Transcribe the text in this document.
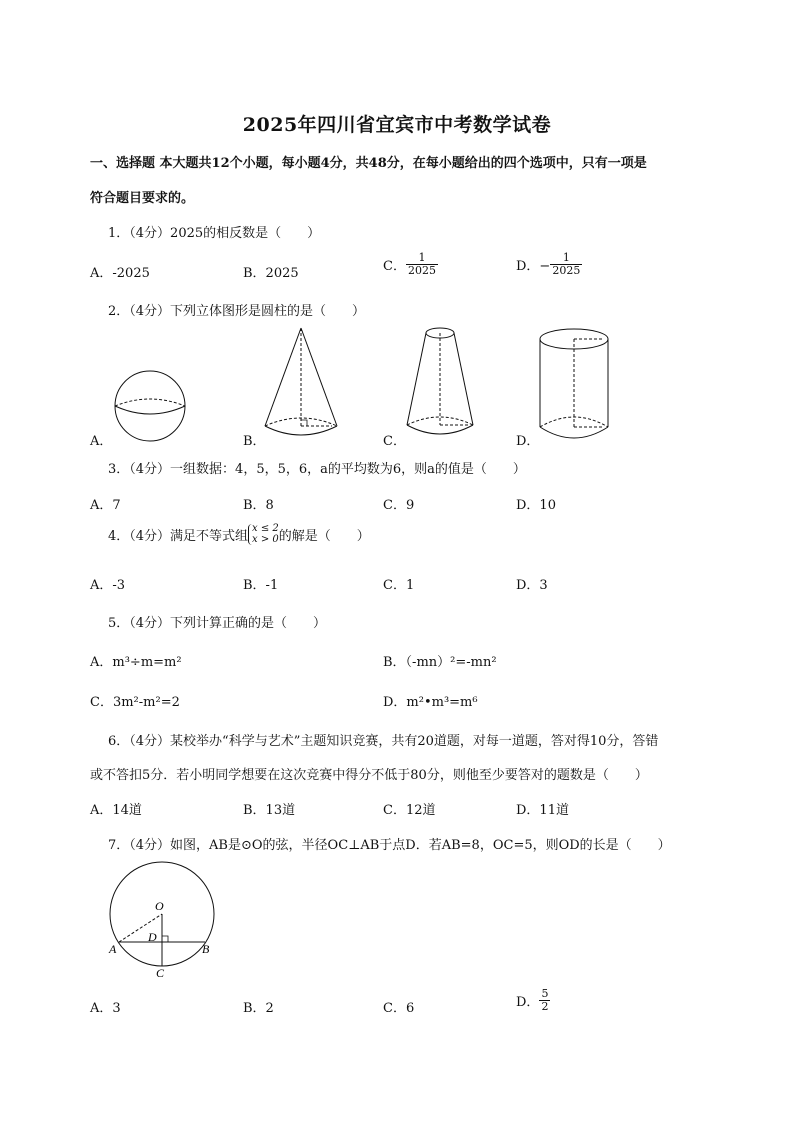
2025年四川省宜宾市中考数学试卷
一、选择题 本大题共12个小题，每小题4分，共48分，在每小题给出的四个选项中，只有一项是
符合题目要求的。
1．（4分）2025的相反数是（　　）
A．-2025	B．2025	C． $\frac{1}{2025}$	D．− $\frac{1}{2025}$
2．（4分）下列立体图形是圆柱的是（　　）
A．	B．	C．	D．
3．（4分）一组数据：4，5，5，6，a的平均数为6，则a的值是（　　）
A．7	B．8	C．9	D．10
4．（4分）满足不等式组
x ≤ 2
x > 0 的解是（　　）
A．-3	B．-1	C．1	D．3
5．（4分）下列计算正确的是（　　）
A．m³÷m=m²	B．（-mn）²=-mn²
C．3m²-m²=2	D．m²•m³=m⁶
6．（4分）某校举办“科学与艺术”主题知识竞赛，共有20道题，对每一道题，答对得10分，答错
或不答扣5分．若小明同学想要在这次竞赛中得分不低于80分，则他至少要答对的题数是（　　）
A．14道	B．13道	C．12道	D．11道
7．（4分）如图，AB是⊙O的弦，半径OC⊥AB于点D．若AB=8，OC=5，则OD的长是（　　）
O
D
A	B
C
A．3	B．2	C．6	D． $\frac{5}{2}$
